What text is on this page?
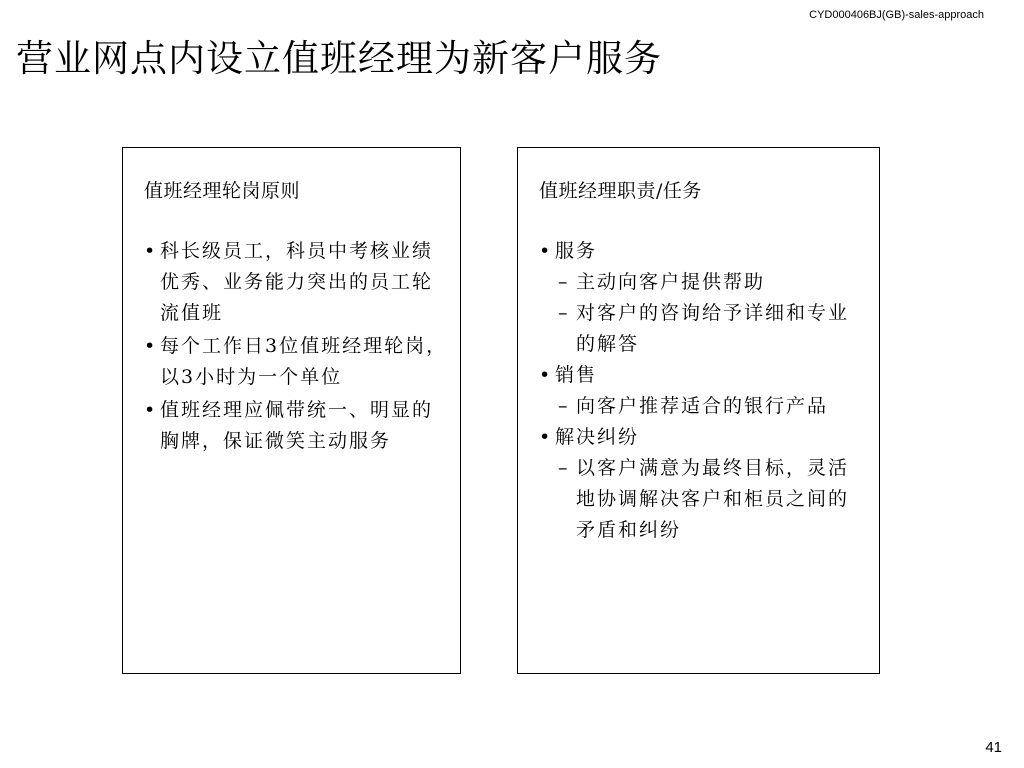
CYD000406BJ(GB)-sales-approach
营业网点内设立值班经理为新客户服务
值班经理轮岗原则
• 科长级员工，科员中考核业绩优秀、业务能力突出的员工轮流值班
• 每个工作日3位值班经理轮岗，以3小时为一个单位
• 值班经理应佩带统一、明显的胸牌，保证微笑主动服务
值班经理职责/任务
• 服务
– 主动向客户提供帮助
– 对客户的咨询给予详细和专业的解答
• 销售
– 向客户推荐适合的银行产品
• 解决纠纷
– 以客户满意为最终目标，灵活地协调解决客户和柜员之间的矛盾和纠纷
41
